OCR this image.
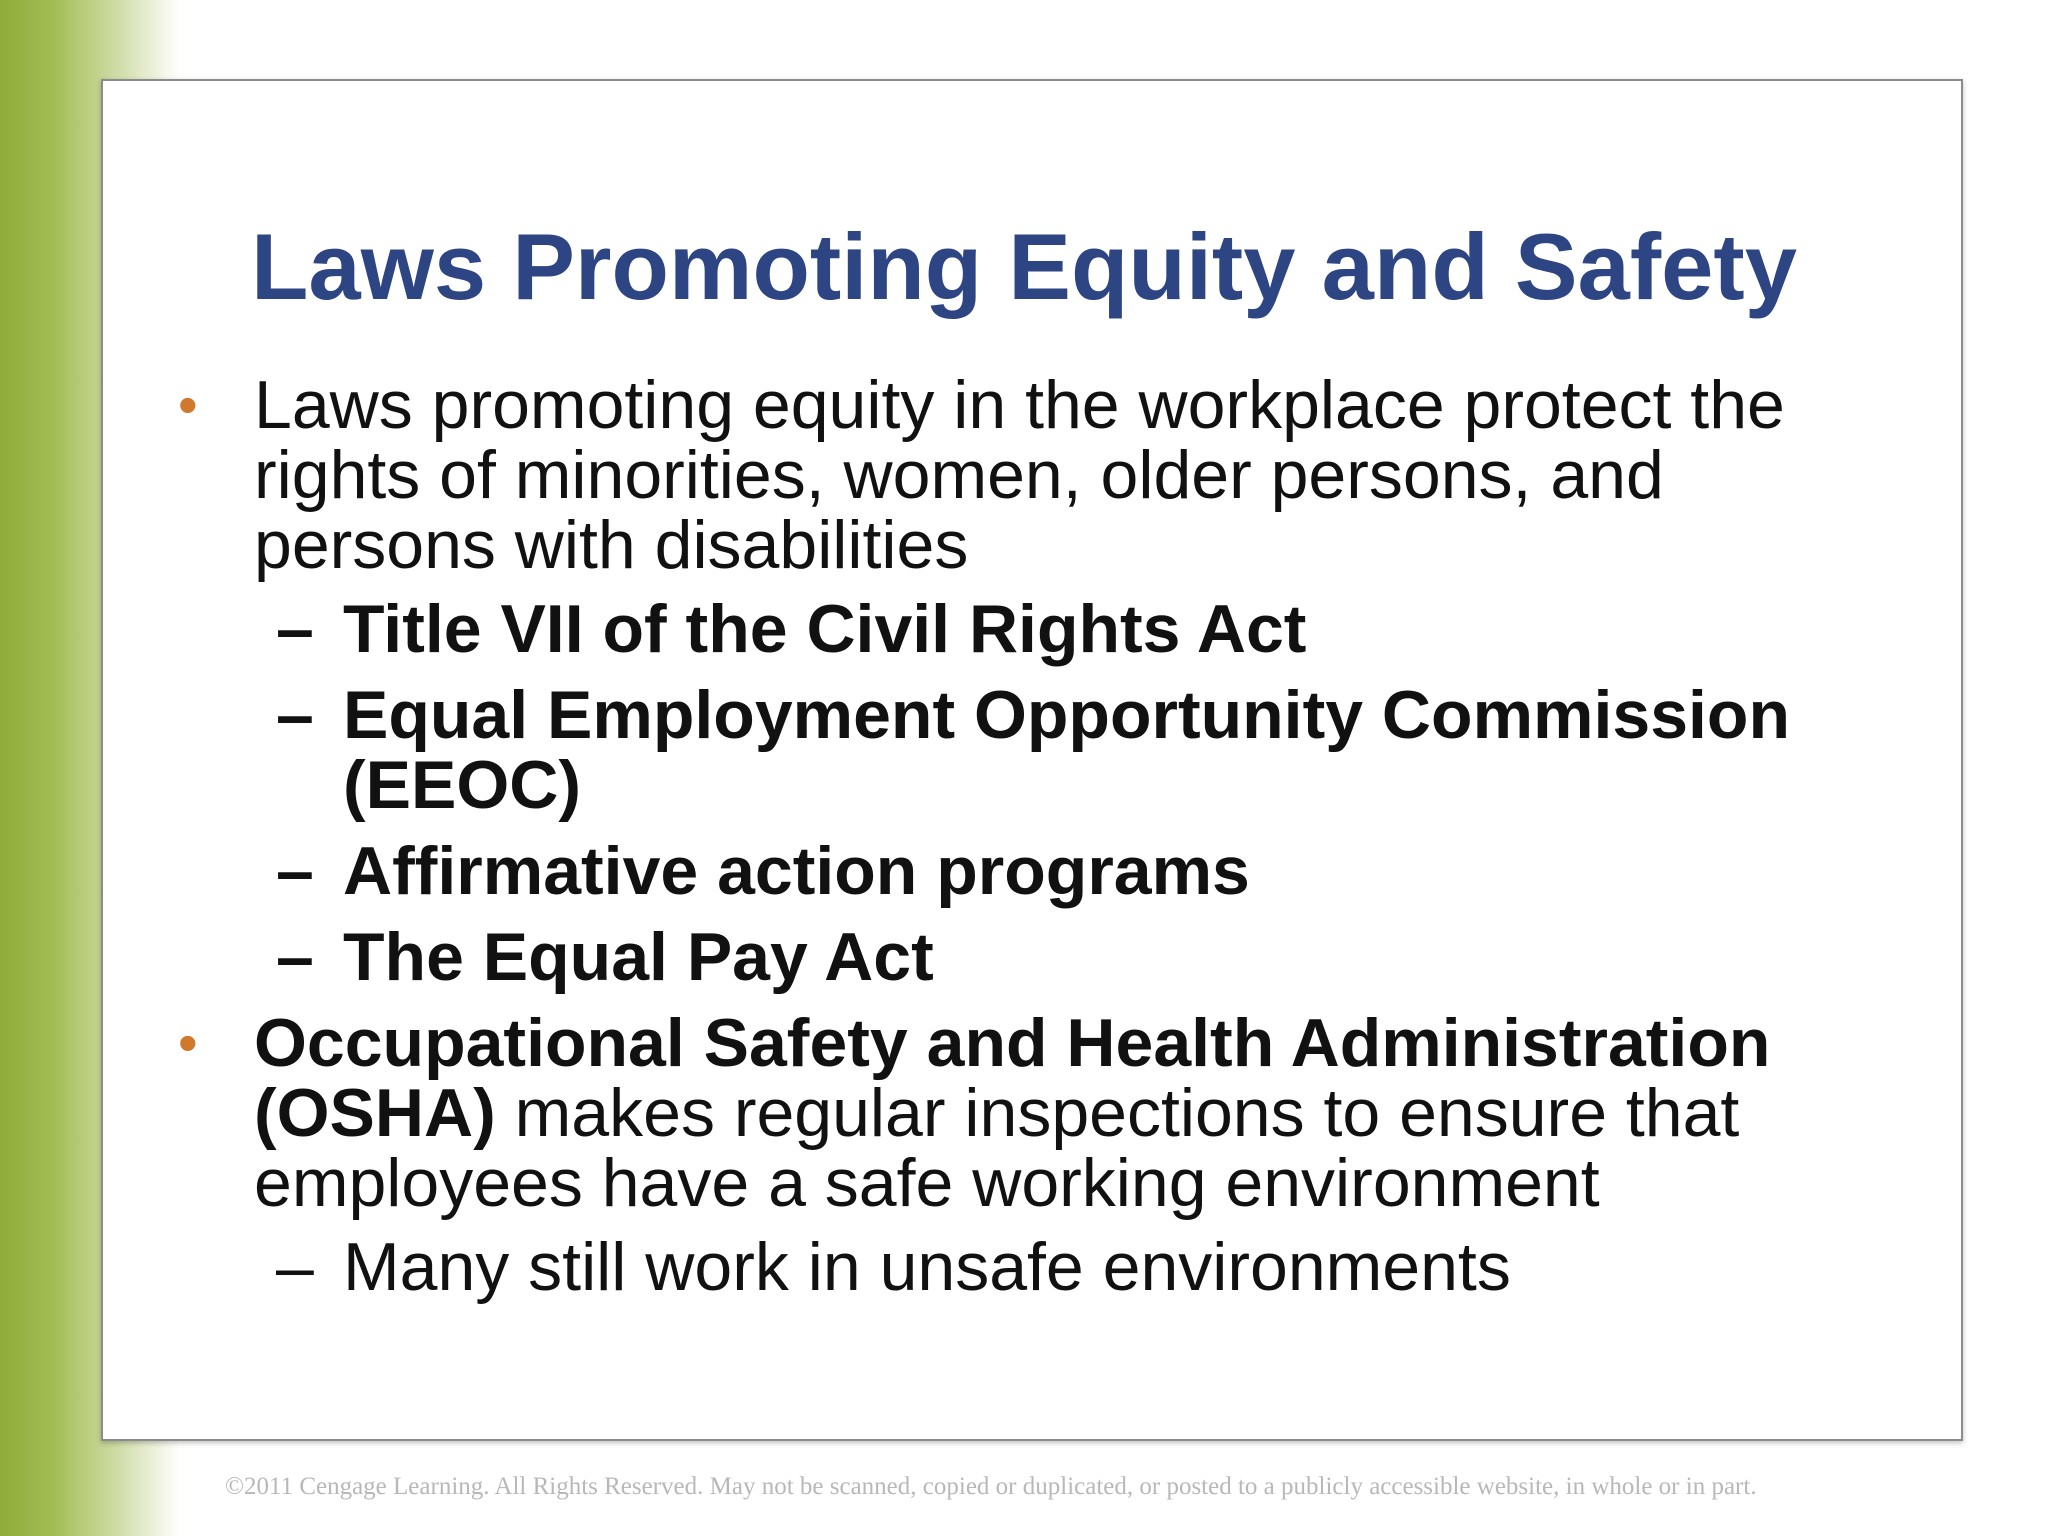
Laws Promoting Equity and Safety
• Laws promoting equity in the workplace protect the rights of minorities, women, older persons, and persons with disabilities
– Title VII of the Civil Rights Act
– Equal Employment Opportunity Commission (EEOC)
– Affirmative action programs
– The Equal Pay Act
• Occupational Safety and Health Administration (OSHA) makes regular inspections to ensure that employees have a safe working environment
– Many still work in unsafe environments
©2011 Cengage Learning. All Rights Reserved. May not be scanned, copied or duplicated, or posted to a publicly accessible website, in whole or in part.
